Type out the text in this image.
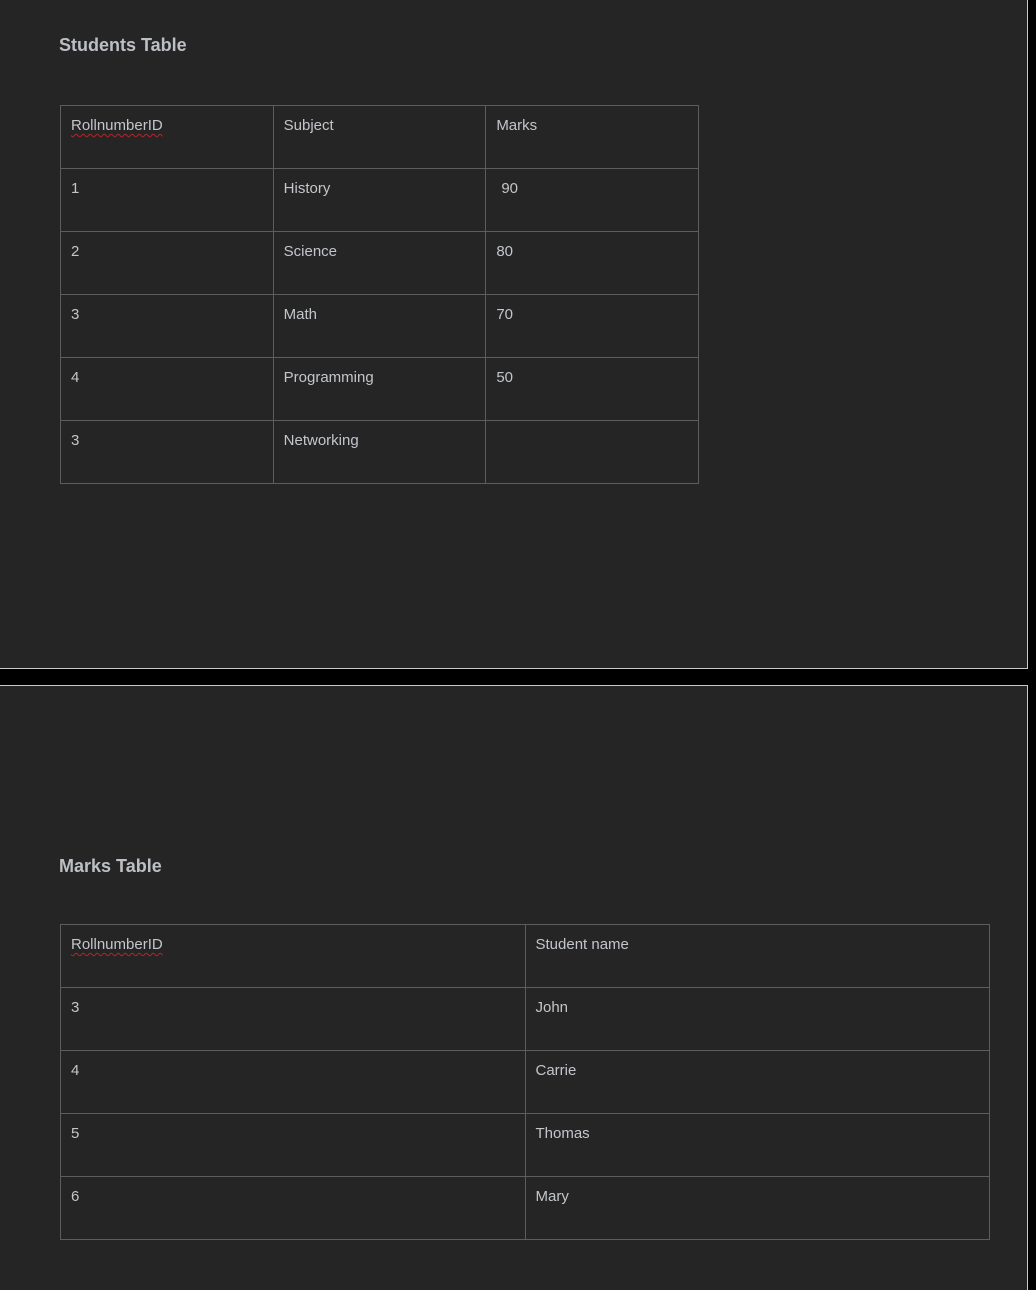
Students Table
RollnumberID	Subject	Marks
1	History	90
2	Science	80
3	Math	70
4	Programming	50
3	Networking	
Marks Table
RollnumberID	Student name
3	John
4	Carrie
5	Thomas
6	Mary
